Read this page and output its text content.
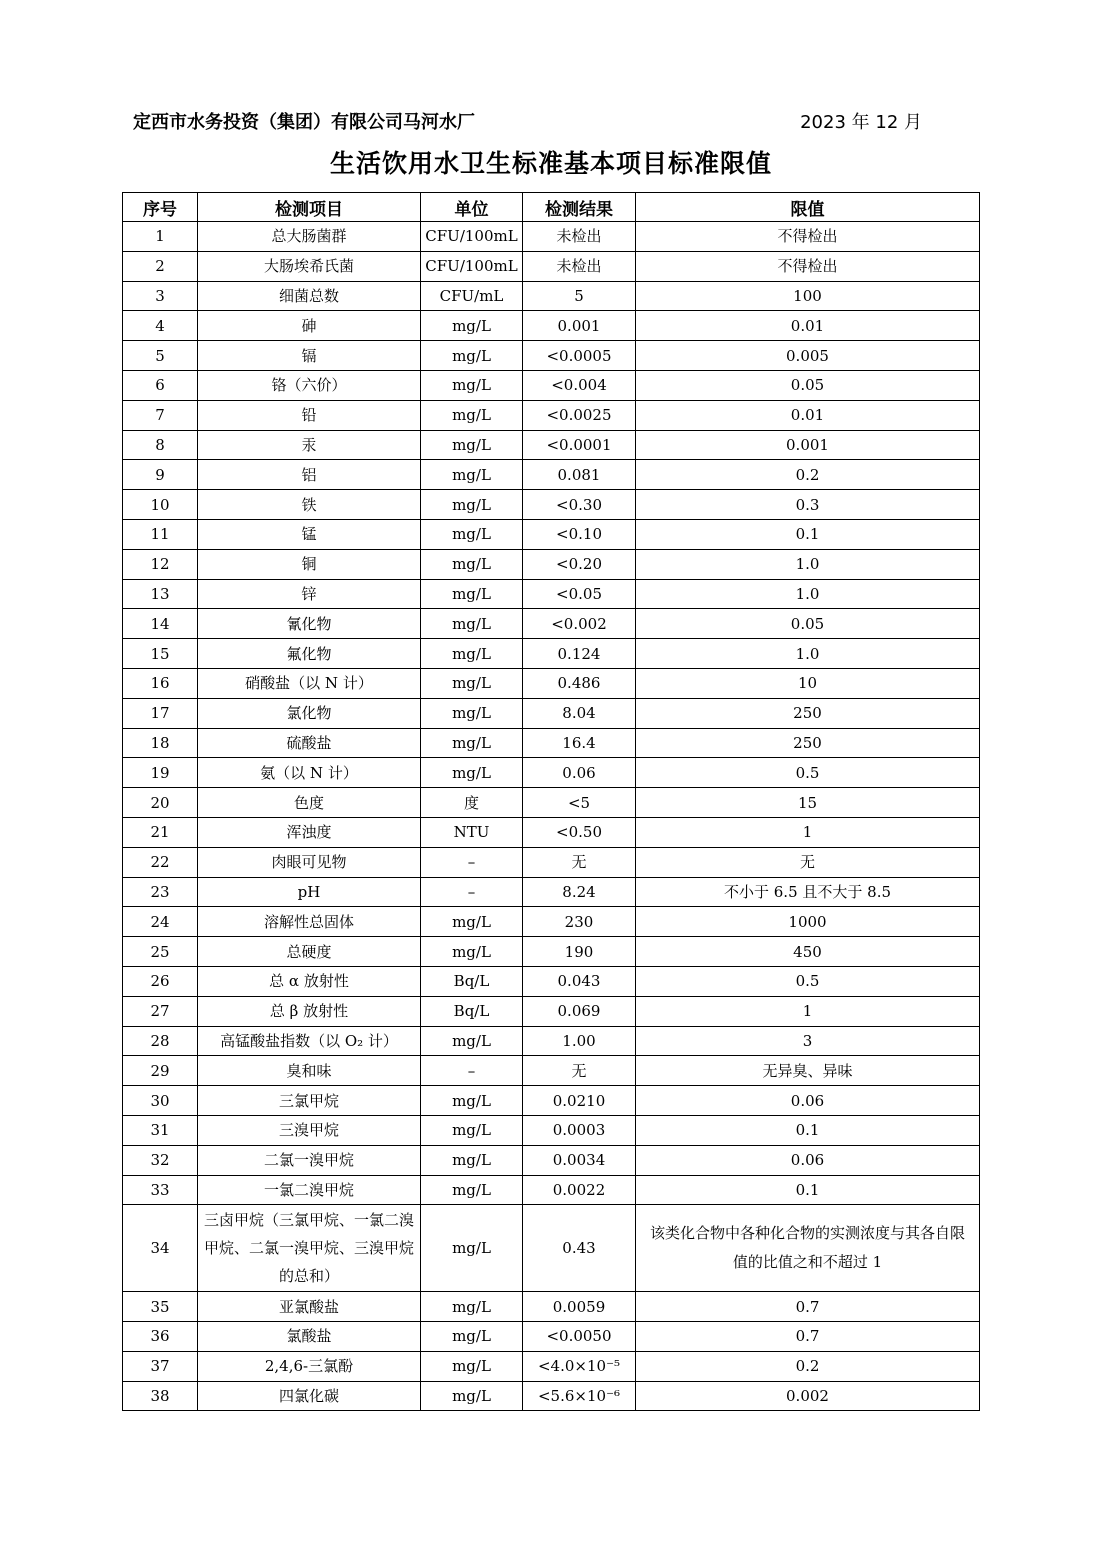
定西市水务投资（集团）有限公司马河水厂	2023 年 12 月
生活饮用水卫生标准基本项目标准限值
序号	检测项目	单位	检测结果	限值
1	总大肠菌群	CFU/100mL	未检出	不得检出
2	大肠埃希氏菌	CFU/100mL	未检出	不得检出
3	细菌总数	CFU/mL	5	100
4	砷	mg/L	0.001	0.01
5	镉	mg/L	<0.0005	0.005
6	铬（六价）	mg/L	<0.004	0.05
7	铅	mg/L	<0.0025	0.01
8	汞	mg/L	<0.0001	0.001
9	铝	mg/L	0.081	0.2
10	铁	mg/L	<0.30	0.3
11	锰	mg/L	<0.10	0.1
12	铜	mg/L	<0.20	1.0
13	锌	mg/L	<0.05	1.0
14	氰化物	mg/L	<0.002	0.05
15	氟化物	mg/L	0.124	1.0
16	硝酸盐（以 N 计）	mg/L	0.486	10
17	氯化物	mg/L	8.04	250
18	硫酸盐	mg/L	16.4	250
19	氨（以 N 计）	mg/L	0.06	0.5
20	色度	度	<5	15
21	浑浊度	NTU	<0.50	1
22	肉眼可见物	–	无	无
23	pH	–	8.24	不小于 6.5 且不大于 8.5
24	溶解性总固体	mg/L	230	1000
25	总硬度	mg/L	190	450
26	总 α 放射性	Bq/L	0.043	0.5
27	总 β 放射性	Bq/L	0.069	1
28	高锰酸盐指数（以 O₂ 计）	mg/L	1.00	3
29	臭和味	–	无	无异臭、异味
30	三氯甲烷	mg/L	0.0210	0.06
31	三溴甲烷	mg/L	0.0003	0.1
32	二氯一溴甲烷	mg/L	0.0034	0.06
33	一氯二溴甲烷	mg/L	0.0022	0.1
34	三卤甲烷（三氯甲烷、一氯二溴甲烷、二氯一溴甲烷、三溴甲烷的总和）	mg/L	0.43	该类化合物中各种化合物的实测浓度与其各自限值的比值之和不超过 1
35	亚氯酸盐	mg/L	0.0059	0.7
36	氯酸盐	mg/L	<0.0050	0.7
37	2,4,6-三氯酚	mg/L	<4.0×10⁻⁵	0.2
38	四氯化碳	mg/L	<5.6×10⁻⁶	0.002
